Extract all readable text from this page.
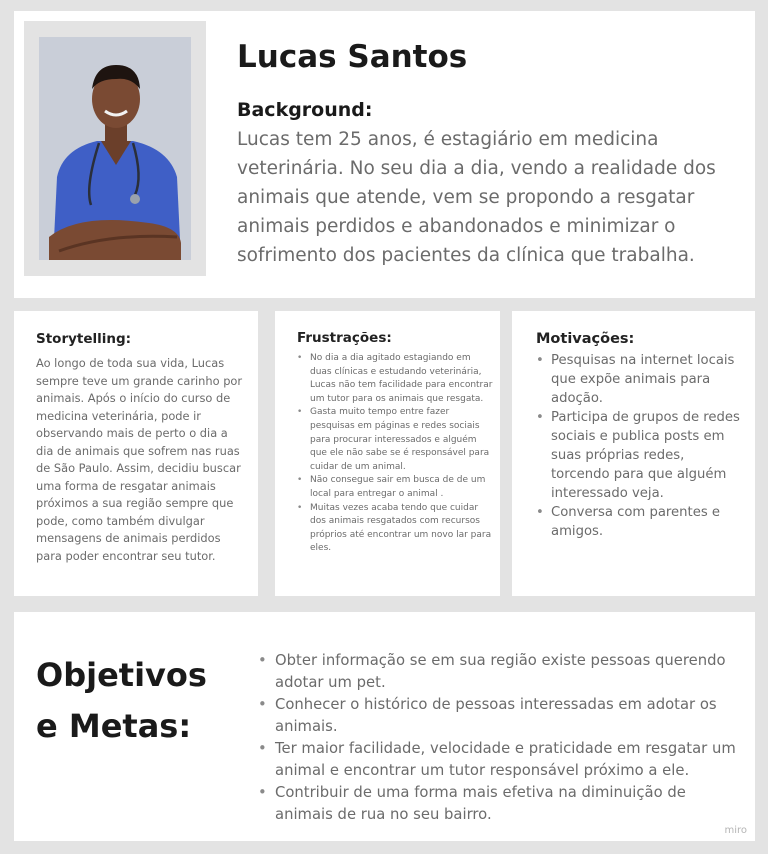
Lucas Santos
Background:
Lucas tem 25 anos, é estagiário em medicina veterinária. No seu dia a dia, vendo a realidade dos animais que atende, vem se propondo a resgatar animais perdidos e abandonados e minimizar o sofrimento dos pacientes da clínica que trabalha.
Storytelling:
Ao longo de toda sua vida, Lucas sempre teve um grande carinho por animais. Após o início do curso de medicina veterinária, pode ir observando mais de perto o dia a dia de animais que sofrem nas ruas de São Paulo. Assim, decidiu buscar uma forma de resgatar animais próximos a sua região sempre que pode, como também divulgar mensagens de animais perdidos para poder encontrar seu tutor.
Frustrações:
• No dia a dia agitado estagiando em duas clínicas e estudando veterinária, Lucas não tem facilidade para encontrar um tutor para os animais que resgata.
• Gasta muito tempo entre fazer pesquisas em páginas e redes sociais para procurar interessados e alguém que ele não sabe se é responsável para cuidar de um animal.
• Não consegue sair em busca de de um local para entregar o animal .
• Muitas vezes acaba tendo que cuidar dos animais resgatados com recursos próprios até encontrar um novo lar para eles.
Motivações:
• Pesquisas na internet locais que expõe animais para adoção.
• Participa de grupos de redes sociais e publica posts em suas próprias redes, torcendo para que alguém interessado veja.
• Conversa com parentes e amigos.
Objetivos
e Metas:
• Obter informação se em sua região existe pessoas querendo adotar um pet.
• Conhecer o histórico de pessoas interessadas em adotar os animais.
• Ter maior facilidade, velocidade e praticidade em resgatar um animal e encontrar um tutor responsável próximo a ele.
• Contribuir de uma forma mais efetiva na diminuição de animais de rua no seu bairro.
miro
